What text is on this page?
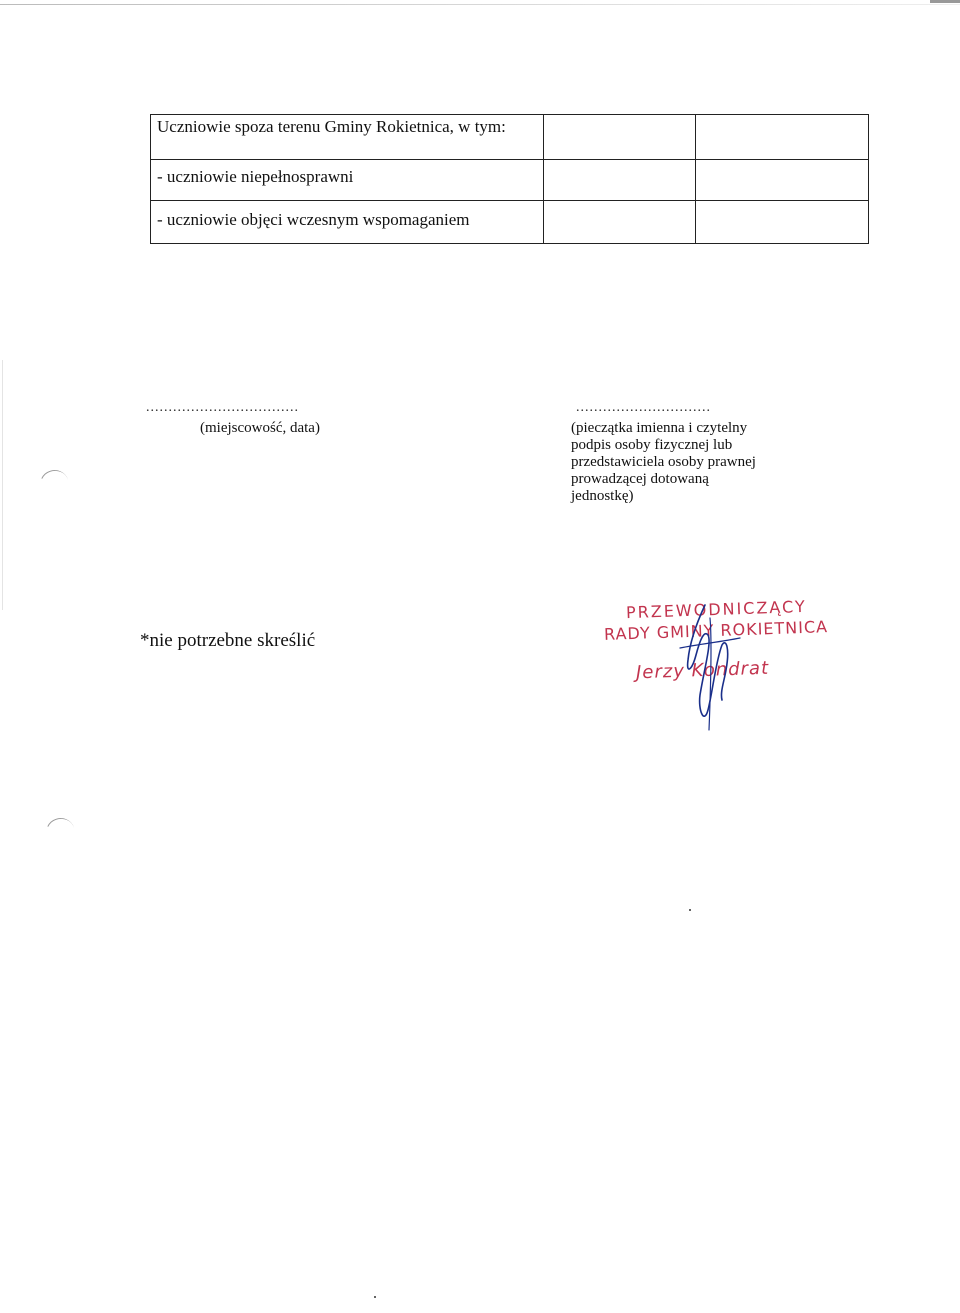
Uczniowie spoza terenu Gminy Rokietnica, w tym:		
- uczniowie niepełnosprawni		
- uczniowie objęci wczesnym wspomaganiem		
..................................
(miejscowość, data)
..............................
(pieczątka imienna i czytelny
podpis osoby fizycznej lub
przedstawiciela osoby prawnej
prowadzącej dotowaną
jednostkę)
*nie potrzebne skreślić
PRZEWODNICZĄCY
RADY GMINY ROKIETNICA
Jerzy Kondrat
